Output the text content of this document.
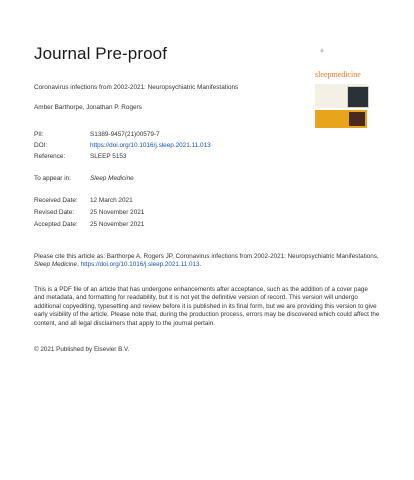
Journal Pre-proof	⚘
sleepmedicine
Coronavirus infections from 2002-2021: Neuropsychiatric Manifestations
Amber Barthorpe, Jonathan P. Rogers
PII:	S1389-9457(21)00579-7
DOI:	https://doi.org/10.1016/j.sleep.2021.11.013
Reference:	SLEEP 5153
To appear in:	Sleep Medicine
Received Date: 12 March 2021
Revised Date: 25 November 2021
Accepted Date: 25 November 2021
Please cite this article as: Barthorpe A, Rogers JP, Coronavirus infections from 2002-2021: Neuropsychiatric Manifestations, Sleep Medicine, https://doi.org/10.1016/j.sleep.2021.11.013.
This is a PDF file of an article that has undergone enhancements after acceptance, such as the addition of a cover page and metadata, and formatting for readability, but it is not yet the definitive version of record. This version will undergo additional copyediting, typesetting and review before it is published in its final form, but we are providing this version to give early visibility of the article. Please note that, during the production process, errors may be discovered which could affect the content, and all legal disclaimers that apply to the journal pertain.
© 2021 Published by Elsevier B.V.
